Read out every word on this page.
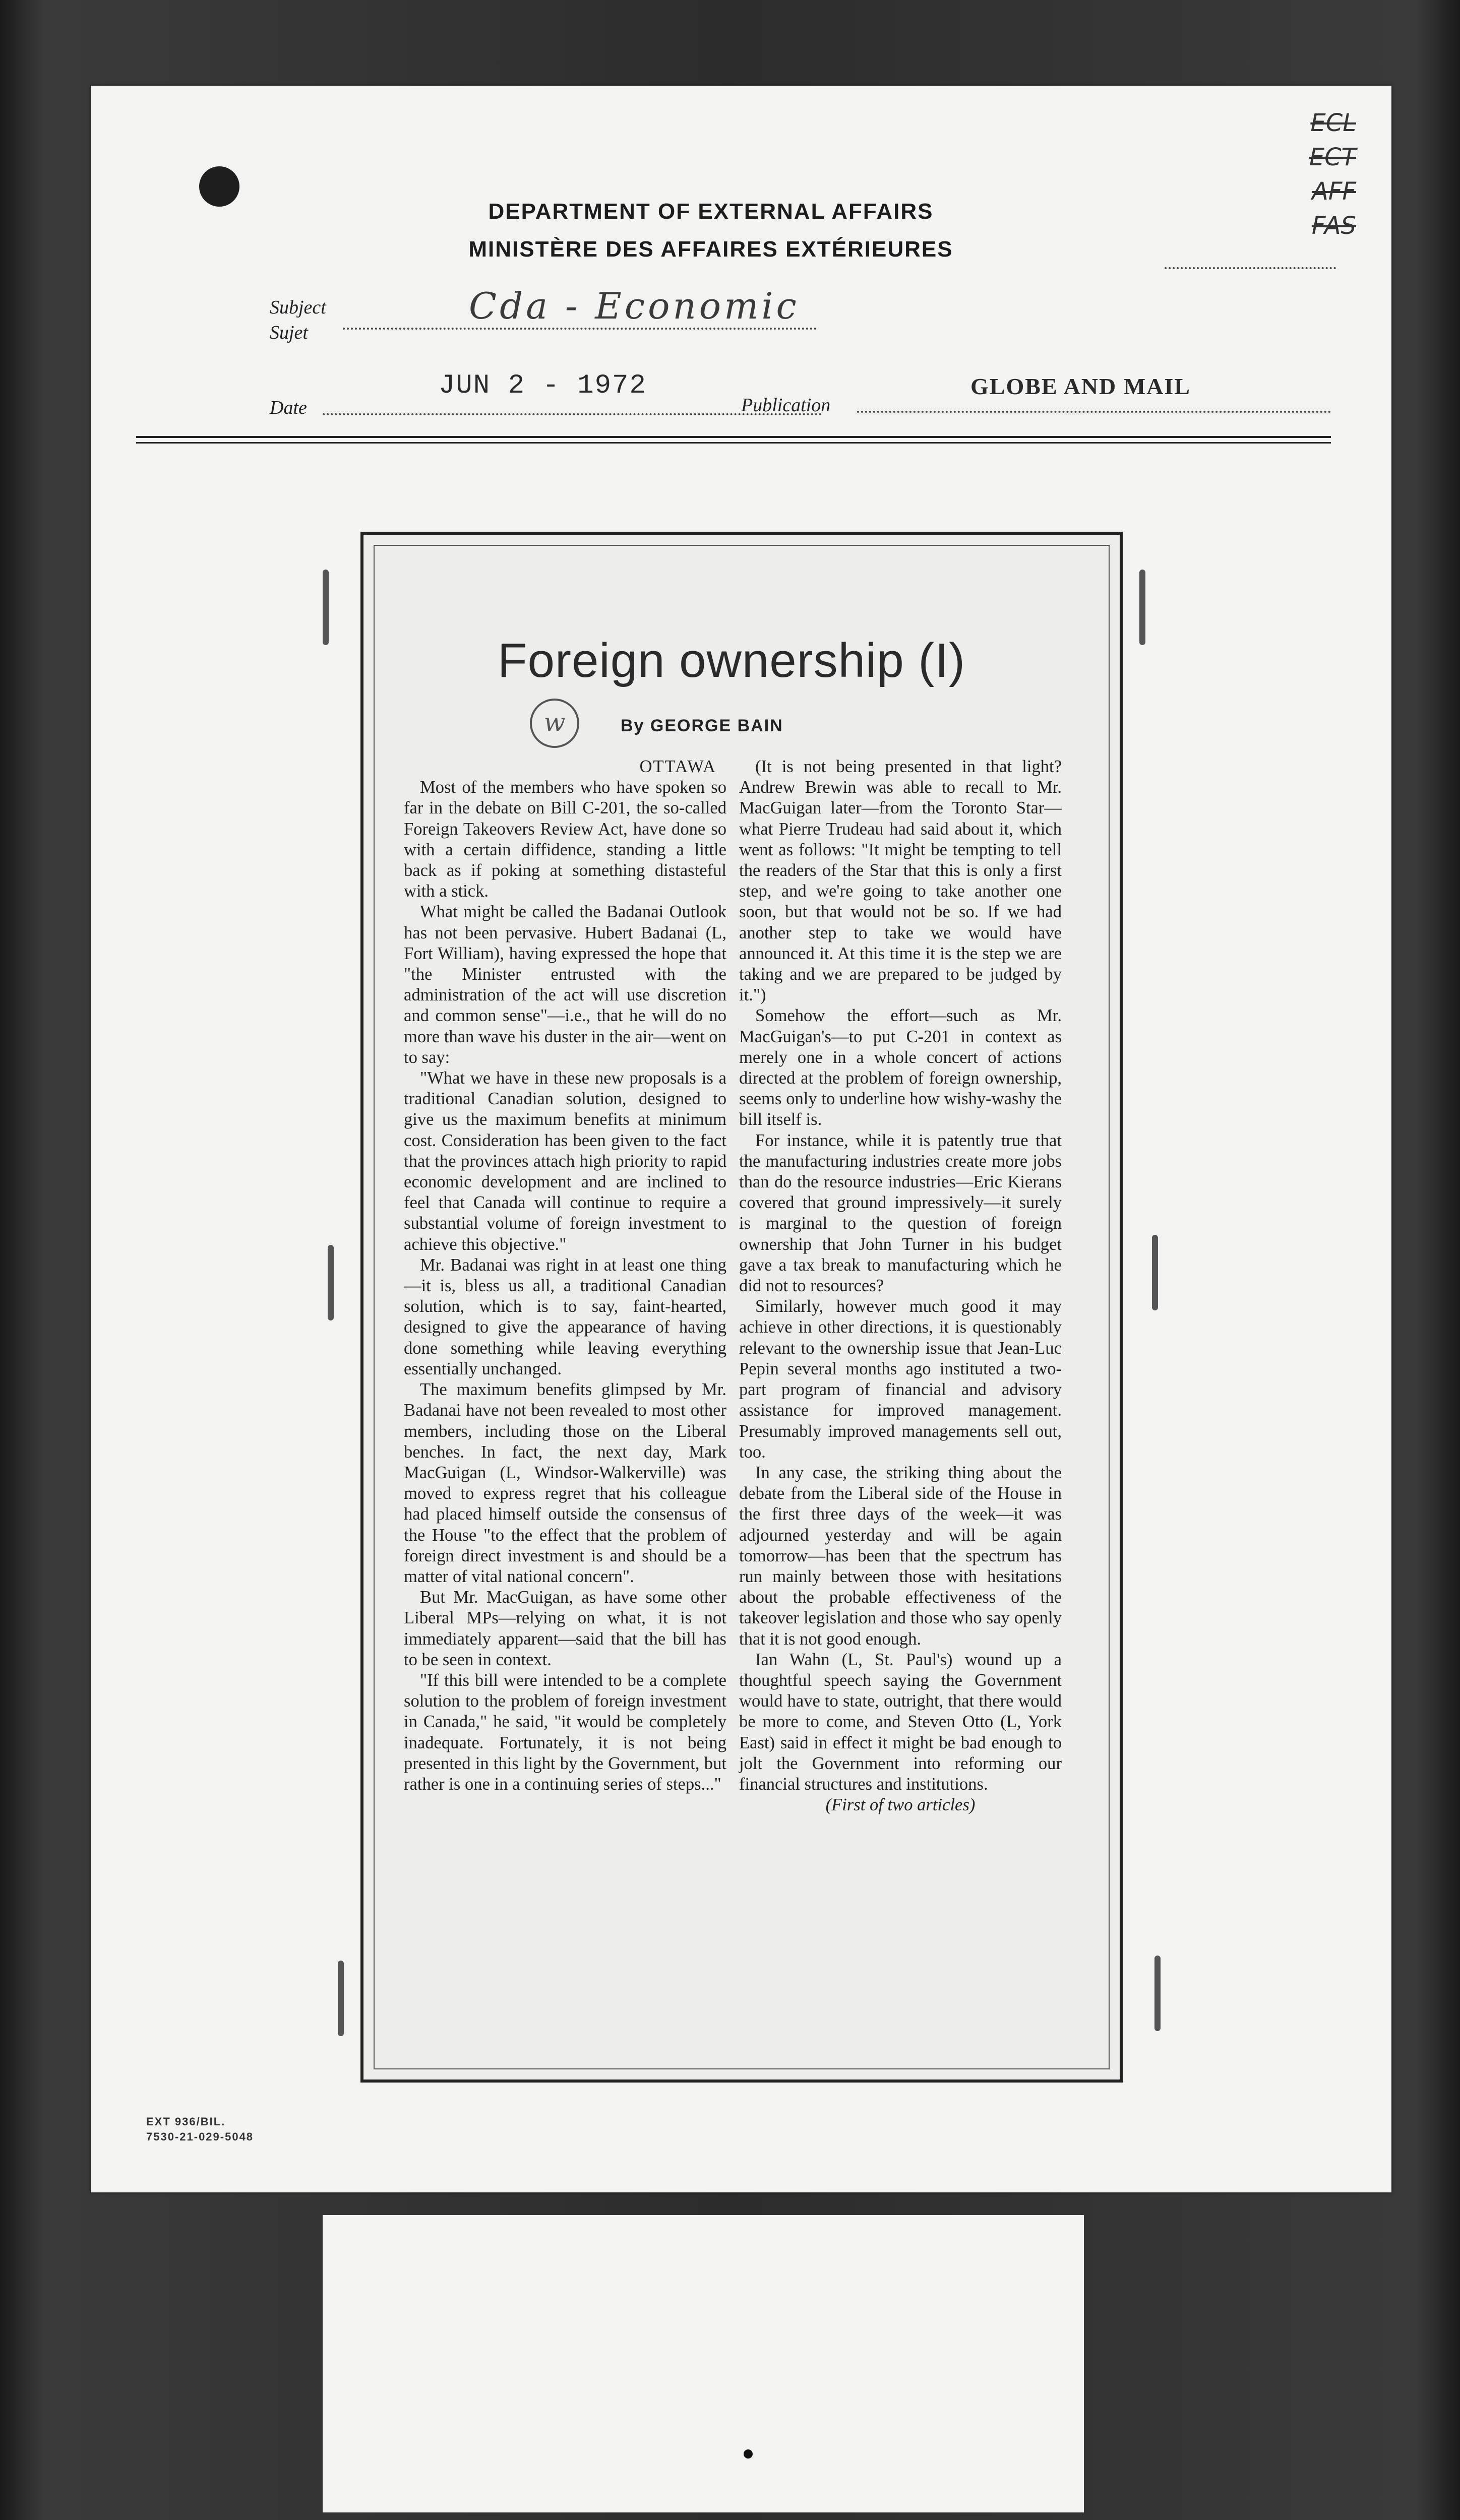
DEPARTMENT OF EXTERNAL AFFAIRS
MINISTÈRE DES AFFAIRES EXTÉRIEURES
ECL
ECT
AFF
FAS
Subject
Sujet
Cda - Economic
Date
JUN 2 - 1972
Publication
GLOBE AND MAIL
Foreign ownership (I)
w	By GEORGE BAIN
OTTAWA

Most of the members who have spoken so far in the debate on Bill C-201, the so-called Foreign Takeovers Review Act, have done so with a certain diffidence, standing a little back as if poking at something distasteful with a stick.

What might be called the Badanai Outlook has not been pervasive. Hubert Badanai (L, Fort William), having expressed the hope that "the Minister entrusted with the administration of the act will use discretion and common sense"—i.e., that he will do no more than wave his duster in the air—went on to say:

"What we have in these new proposals is a traditional Canadian solution, designed to give us the maximum benefits at minimum cost. Consideration has been given to the fact that the provinces attach high priority to rapid economic development and are inclined to feel that Canada will continue to require a substantial volume of foreign investment to achieve this objective."

Mr. Badanai was right in at least one thing—it is, bless us all, a traditional Canadian solution, which is to say, faint-hearted, designed to give the appearance of having done something while leaving everything essentially unchanged.

The maximum benefits glimpsed by Mr. Badanai have not been revealed to most other members, including those on the Liberal benches. In fact, the next day, Mark MacGuigan (L, Windsor-Walkerville) was moved to express regret that his colleague had placed himself outside the consensus of the House "to the effect that the problem of foreign direct investment is and should be a matter of vital national concern".

But Mr. MacGuigan, as have some other Liberal MPs—relying on what, it is not immediately apparent—said that the bill has to be seen in context.

"If this bill were intended to be a complete solution to the problem of foreign investment in Canada," he said, "it would be completely inadequate. Fortunately, it is not being presented in this light by the Government, but rather is one in a continuing series of steps..."

(It is not being presented in that light? Andrew Brewin was able to recall to Mr. MacGuigan later—from the Toronto Star—what Pierre Trudeau had said about it, which went as follows: "It might be tempting to tell the readers of the Star that this is only a first step, and we're going to take another one soon, but that would not be so. If we had another step to take we would have announced it. At this time it is the step we are taking and we are prepared to be judged by it.")

Somehow the effort—such as Mr. MacGuigan's—to put C-201 in context as merely one in a whole concert of actions directed at the problem of foreign ownership, seems only to underline how wishy-washy the bill itself is.

For instance, while it is patently true that the manufacturing industries create more jobs than do the resource industries—Eric Kierans covered that ground impressively—it surely is marginal to the question of foreign ownership that John Turner in his budget gave a tax break to manufacturing which he did not to resources?

Similarly, however much good it may achieve in other directions, it is questionably relevant to the ownership issue that Jean-Luc Pepin several months ago instituted a two-part program of financial and advisory assistance for improved management. Presumably improved managements sell out, too.

In any case, the striking thing about the debate from the Liberal side of the House in the first three days of the week—it was adjourned yesterday and will be again tomorrow—has been that the spectrum has run mainly between those with hesitations about the probable effectiveness of the takeover legislation and those who say openly that it is not good enough.

Ian Wahn (L, St. Paul's) wound up a thoughtful speech saying the Government would have to state, outright, that there would be more to come, and Steven Otto (L, York East) said in effect it might be bad enough to jolt the Government into reforming our financial structures and institutions.

(First of two articles)

EXT 936/BIL.
7530-21-029-5048
